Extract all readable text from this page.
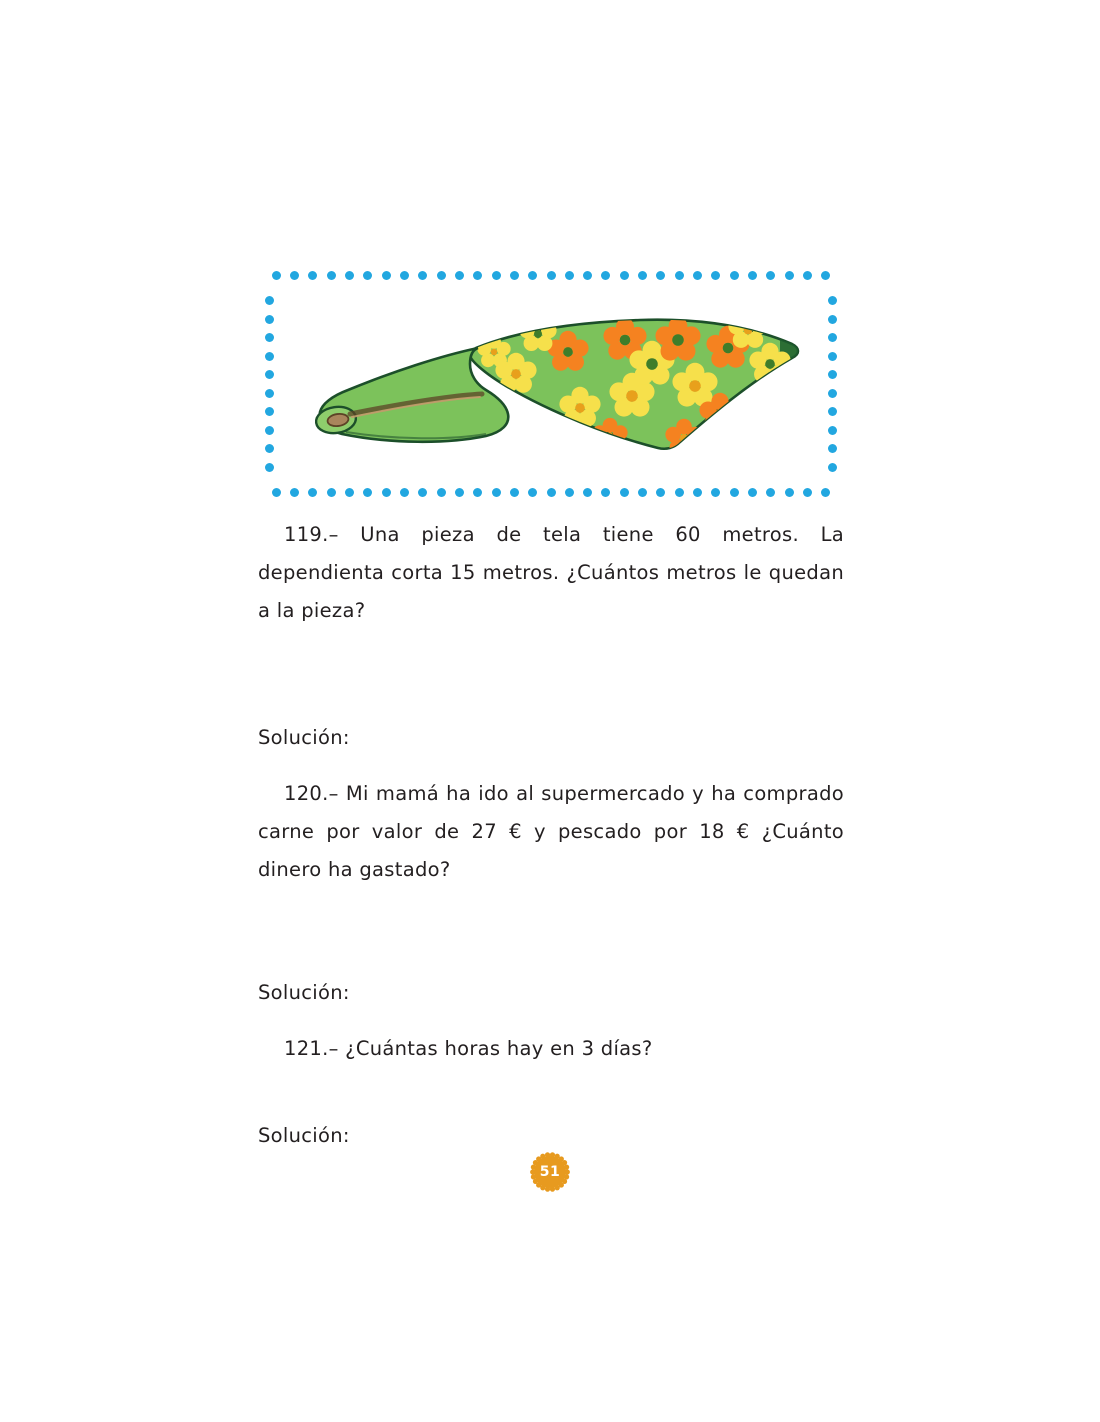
119.– Una pieza de tela tiene 60 metros. La dependienta corta 15 metros. ¿Cuántos metros le quedan a la pieza?

Solución:

120.– Mi mamá ha ido al supermercado y ha comprado carne por valor de 27 € y pescado por 18 € ¿Cuánto dinero ha gastado?

Solución:

121.– ¿Cuántas horas hay en 3 días?

Solución:

51
